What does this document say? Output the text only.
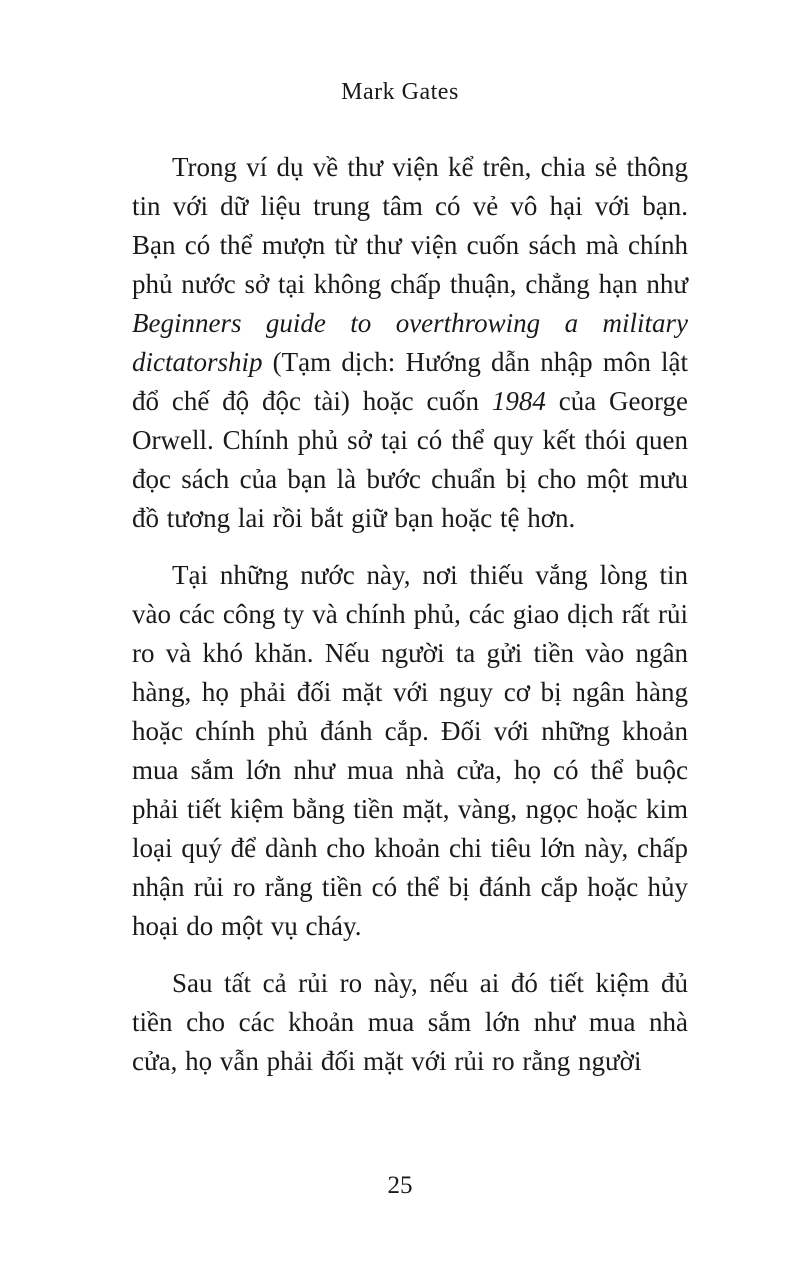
Mark Gates

Trong ví dụ về thư viện kể trên, chia sẻ thông tin với dữ liệu trung tâm có vẻ vô hại với bạn. Bạn có thể mượn từ thư viện cuốn sách mà chính phủ nước sở tại không chấp thuận, chẳng hạn như Beginners guide to overthrowing a military dictatorship (Tạm dịch: Hướng dẫn nhập môn lật đổ chế độ độc tài) hoặc cuốn 1984 của George Orwell. Chính phủ sở tại có thể quy kết thói quen đọc sách của bạn là bước chuẩn bị cho một mưu đồ tương lai rồi bắt giữ bạn hoặc tệ hơn.

Tại những nước này, nơi thiếu vắng lòng tin vào các công ty và chính phủ, các giao dịch rất rủi ro và khó khăn. Nếu người ta gửi tiền vào ngân hàng, họ phải đối mặt với nguy cơ bị ngân hàng hoặc chính phủ đánh cắp. Đối với những khoản mua sắm lớn như mua nhà cửa, họ có thể buộc phải tiết kiệm bằng tiền mặt, vàng, ngọc hoặc kim loại quý để dành cho khoản chi tiêu lớn này, chấp nhận rủi ro rằng tiền có thể bị đánh cắp hoặc hủy hoại do một vụ cháy.

Sau tất cả rủi ro này, nếu ai đó tiết kiệm đủ tiền cho các khoản mua sắm lớn như mua nhà cửa, họ vẫn phải đối mặt với rủi ro rằng người

25
